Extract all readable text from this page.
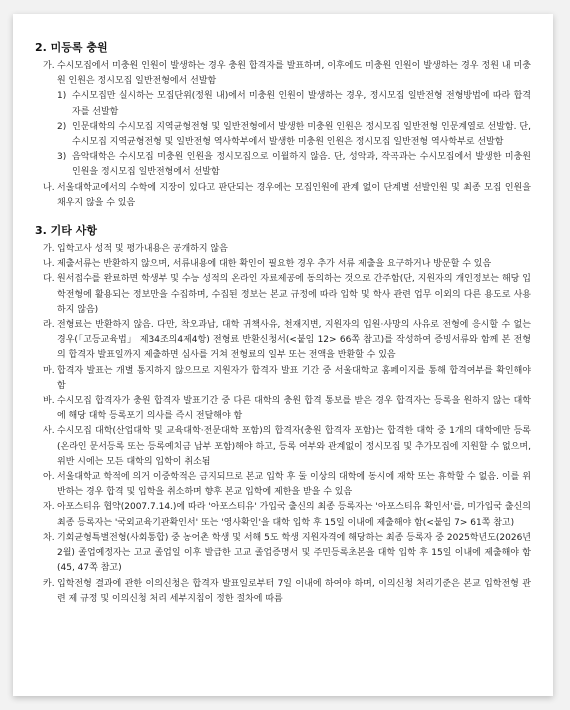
2. 미등록 충원
가. 수시모집에서 미충원 인원이 발생하는 경우 충원 합격자를 발표하며, 이후에도 미충원 인원이 발생하는 경우 정원 내 미충원 인원은 정시모집 일반전형에서 선발함
1) 수시모집만 실시하는 모집단위(정원 내)에서 미충원 인원이 발생하는 경우, 정시모집 일반전형 전형방법에 따라 합격자를 선발함
2) 인문대학의 수시모집 지역균형전형 및 일반전형에서 발생한 미충원 인원은 정시모집 일반전형 인문계열로 선발함. 단, 수시모집 지역균형전형 및 일반전형 역사학부에서 발생한 미충원 인원은 정시모집 일반전형 역사학부로 선발함
3) 음악대학은 수시모집 미충원 인원을 정시모집으로 이월하지 않음. 단, 성악과, 작곡과는 수시모집에서 발생한 미충원 인원을 정시모집 일반전형에서 선발함
나. 서울대학교에서의 수학에 지장이 있다고 판단되는 경우에는 모집인원에 관계 없이 단계별 선발인원 및 최종 모집 인원을 채우지 않을 수 있음
3. 기타 사항
가. 입학고사 성적 및 평가내용은 공개하지 않음
나. 제출서류는 반환하지 않으며, 서류내용에 대한 확인이 필요한 경우 추가 서류 제출을 요구하거나 방문할 수 있음
다. 원서접수를 완료하면 학생부 및 수능 성적의 온라인 자료제공에 동의하는 것으로 간주함(단, 지원자의 개인정보는 해당 입학전형에 활용되는 정보만을 수집하며, 수집된 정보는 본교 규정에 따라 입학 및 학사 관련 업무 이외의 다른 용도로 사용하지 않음)
라. 전형료는 반환하지 않음. 다만, 착오과납, 대학 귀책사유, 천재지변, 지원자의 입원·사망의 사유로 전형에 응시할 수 없는 경우(「고등교육법」 제34조의4제4항) 전형료 반환신청서(<붙임 12> 66쪽 참고)를 작성하여 증빙서류와 함께 본 전형의 합격자 발표일까지 제출하면 심사를 거쳐 전형료의 일부 또는 전액을 반환할 수 있음
마. 합격자 발표는 개별 통지하지 않으므로 지원자가 합격자 발표 기간 중 서울대학교 홈페이지를 통해 합격여부를 확인해야 함
바. 수시모집 합격자가 충원 합격자 발표기간 중 다른 대학의 충원 합격 통보를 받은 경우 합격자는 등록을 원하지 않는 대학에 해당 대학 등록포기 의사를 즉시 전달해야 함
사. 수시모집 대학(산업대학 및 교육대학·전문대학 포함)의 합격자(충원 합격자 포함)는 합격한 대학 중 1개의 대학에만 등록(온라인 문서등록 또는 등록예치금 납부 포함)해야 하고, 등록 여부와 관계없이 정시모집 및 추가모집에 지원할 수 없으며, 위반 시에는 모든 대학의 입학이 취소됨
아. 서울대학교 학적에 의거 이중학적은 금지되므로 본교 입학 후 둘 이상의 대학에 동시에 재학 또는 휴학할 수 없음. 이를 위반하는 경우 합격 및 입학을 취소하며 향후 본교 입학에 제한을 받을 수 있음
자. 아포스티유 협약(2007.7.14.)에 따라 '아포스티유' 가입국 출신의 최종 등록자는 '아포스티유 확인서'를, 미가입국 출신의 최종 등록자는 '국외교육기관확인서' 또는 '영사확인'을 대학 입학 후 15일 이내에 제출해야 함(<붙임 7> 61쪽 참고)
차. 기회균형특별전형(사회통합) 중 농어촌 학생 및 서해 5도 학생 지원자격에 해당하는 최종 등록자 중 2025학년도(2026년 2월) 졸업예정자는 고교 졸업일 이후 발급한 고교 졸업증명서 및 주민등록초본을 대학 입학 후 15일 이내에 제출해야 함(45, 47쪽 참고)
카. 입학전형 결과에 관한 이의신청은 합격자 발표일로부터 7일 이내에 하여야 하며, 이의신청 처리기준은 본교 입학전형 관련 제 규정 및 이의신청 처리 세부지침이 정한 절차에 따름
